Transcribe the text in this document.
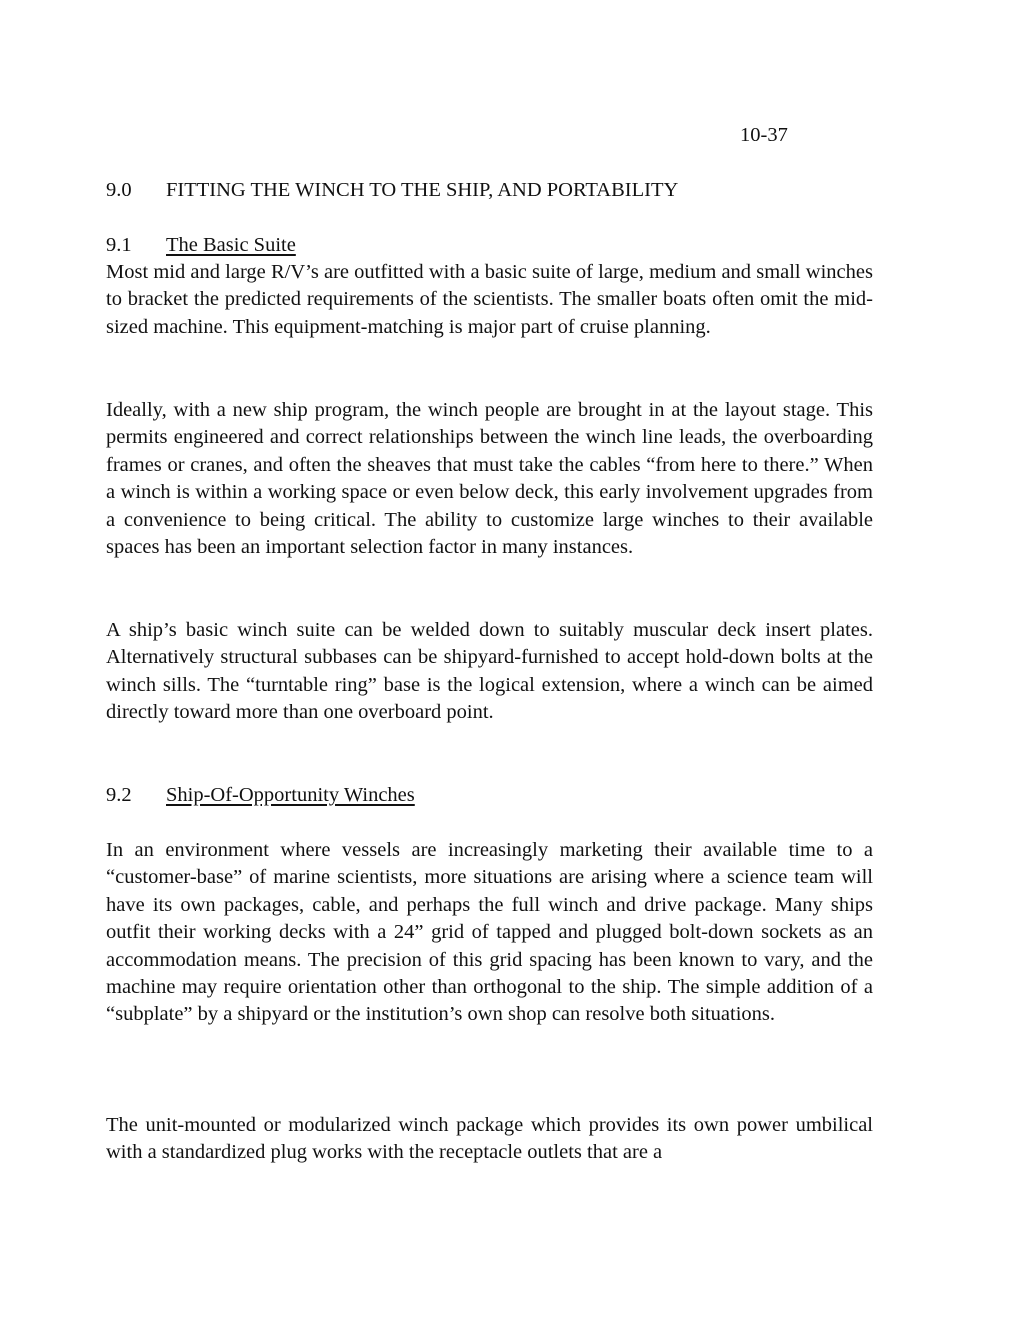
10-37
9.0 FITTING THE WINCH TO THE SHIP, AND PORTABILITY
9.1 The Basic Suite

Most mid and large R/V’s are outfitted with a basic suite of large, medium and small winches to bracket the predicted requirements of the scientists. The smaller boats often omit the mid-sized machine. This equipment-matching is major part of cruise planning.

Ideally, with a new ship program, the winch people are brought in at the layout stage. This permits engineered and correct relationships between the winch line leads, the overboarding frames or cranes, and often the sheaves that must take the cables “from here to there.” When a winch is within a working space or even below deck, this early involvement upgrades from a convenience to being critical. The ability to customize large winches to their available spaces has been an important selection factor in many instances.

A ship’s basic winch suite can be welded down to suitably muscular deck insert plates. Alternatively structural subbases can be shipyard-furnished to accept hold-down bolts at the winch sills. The “turntable ring” base is the logical extension, where a winch can be aimed directly toward more than one overboard point.

9.2 Ship-Of-Opportunity Winches

In an environment where vessels are increasingly marketing their available time to a “customer-base” of marine scientists, more situations are arising where a science team will have its own packages, cable, and perhaps the full winch and drive package. Many ships outfit their working decks with a 24” grid of tapped and plugged bolt-down sockets as an accommodation means. The precision of this grid spacing has been known to vary, and the machine may require orientation other than orthogonal to the ship. The simple addition of a “subplate” by a shipyard or the institution’s own shop can resolve both situations.

The unit-mounted or modularized winch package which provides its own power umbilical with a standardized plug works with the receptacle outlets that are a
